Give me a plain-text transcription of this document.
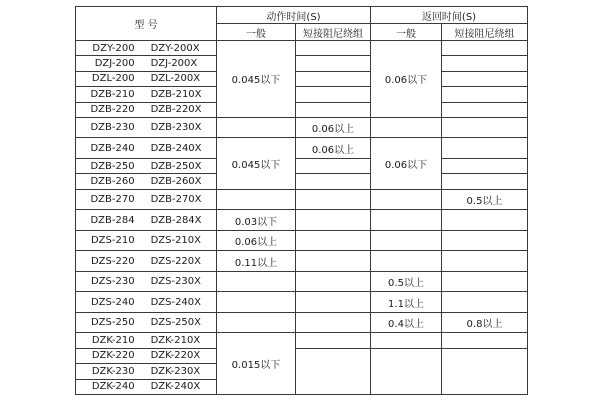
型 号	动作时间(S)		返回时间(S)	
	一般	短接阻尼绕组	一般	短接阻尼绕组

DZY-200 DZY-200X	0.045以下		0.06以下	

DZJ-200 DZJ-200X				

DZL-200 DZL-200X				

DZB-210 DZB-210X				

DZB-220 DZB-220X				

DZB-230 DZB-230X		0.06以上		

DZB-240 DZB-240X	0.045以下	0.06以上	0.06以下	

DZB-250 DZB-250X				

DZB-260 DZB-260X				

DZB-270 DZB-270X				0.5以上

DZB-284 DZB-284X	0.03以下			

DZS-210 DZS-210X	0.06以上			

DZS-220 DZS-220X	0.11以上			

DZS-230 DZS-230X			0.5以上	

DZS-240 DZS-240X			1.1以上	

DZS-250 DZS-250X			0.4以上	0.8以上

DZK-210 DZK-210X	0.015以下			

DZK-220 DZK-220X				

DZK-230 DZK-230X				

DZK-240 DZK-240X				
